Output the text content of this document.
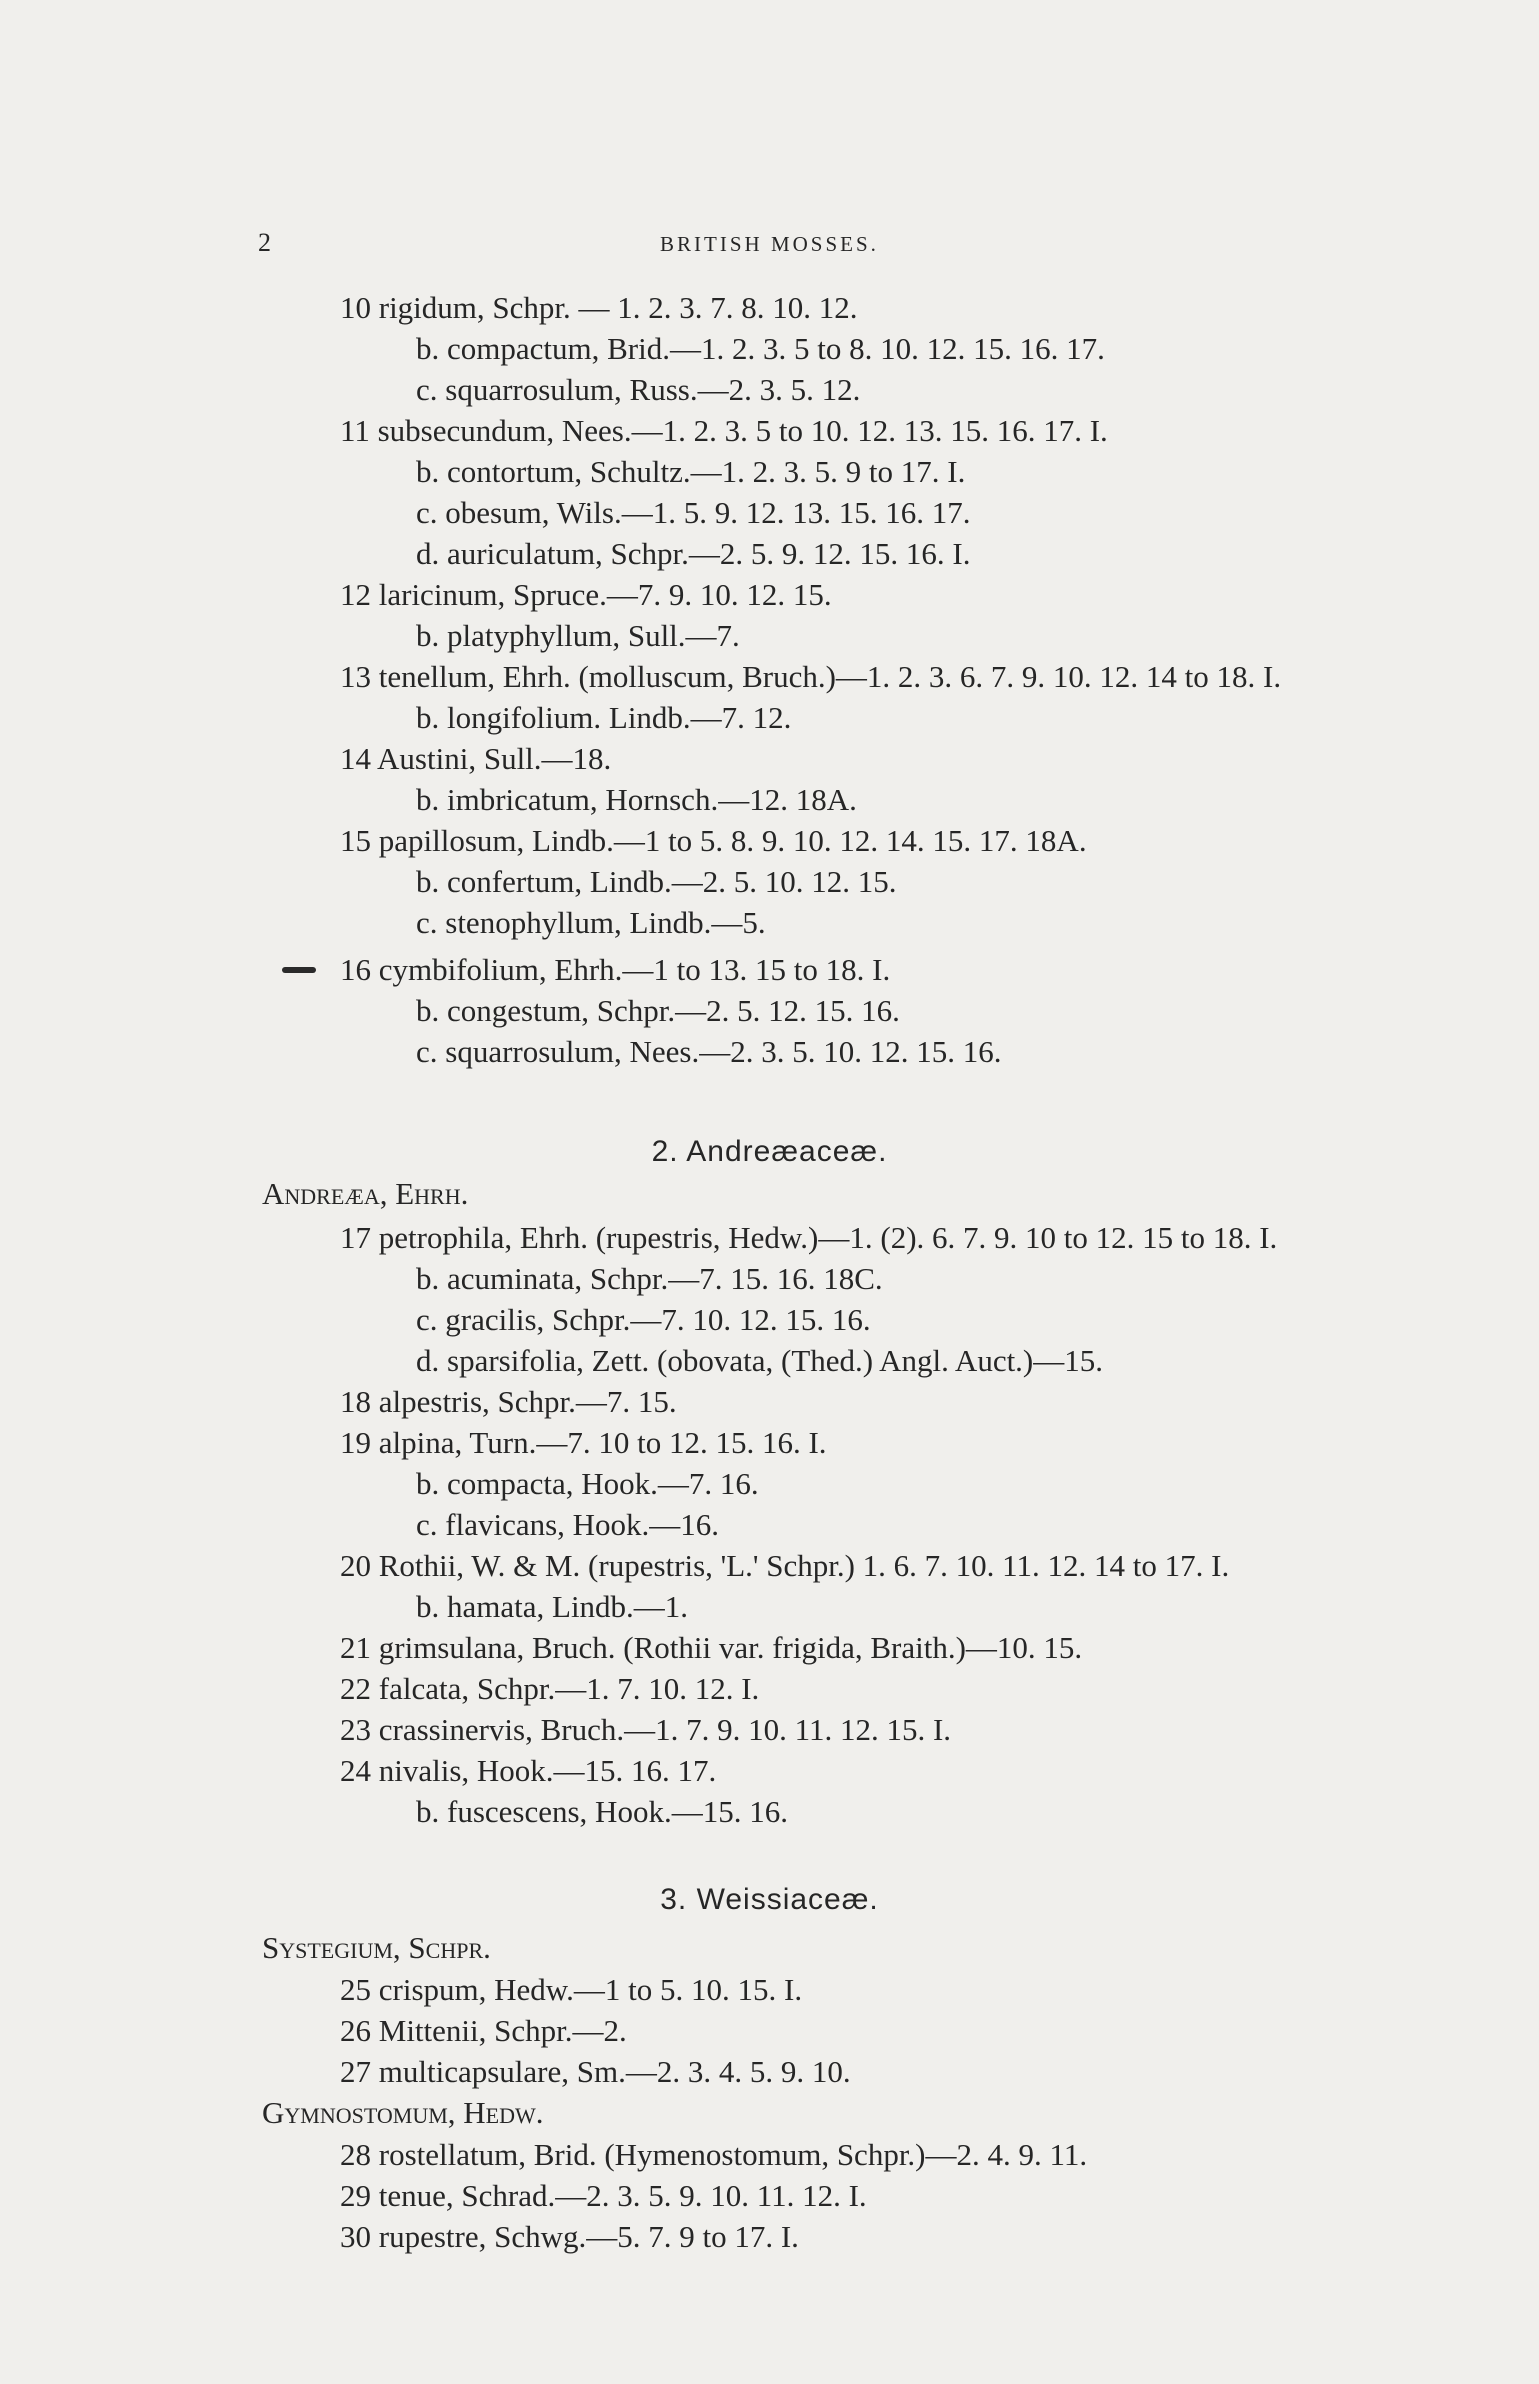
2	BRITISH MOSSES.
10 rigidum, Schpr. — 1. 2. 3. 7. 8. 10. 12.
b. compactum, Brid.—1. 2. 3. 5 to 8. 10. 12. 15. 16. 17.
c. squarrosulum, Russ.—2. 3. 5. 12.
11 subsecundum, Nees.—1. 2. 3. 5 to 10. 12. 13. 15. 16. 17. I.
b. contortum, Schultz.—1. 2. 3. 5. 9 to 17. I.
c. obesum, Wils.—1. 5. 9. 12. 13. 15. 16. 17.
d. auriculatum, Schpr.—2. 5. 9. 12. 15. 16. I.
12 laricinum, Spruce.—7. 9. 10. 12. 15.
b. platyphyllum, Sull.—7.
13 tenellum, Ehrh. (molluscum, Bruch.)—1. 2. 3. 6. 7. 9. 10. 12. 14 to 18. I.
b. longifolium. Lindb.—7. 12.
14 Austini, Sull.—18.
b. imbricatum, Hornsch.—12. 18A.
15 papillosum, Lindb.—1 to 5. 8. 9. 10. 12. 14. 15. 17. 18A.
b. confertum, Lindb.—2. 5. 10. 12. 15.
c. stenophyllum, Lindb.—5.
16 cymbifolium, Ehrh.—1 to 13. 15 to 18. I.
b. congestum, Schpr.—2. 5. 12. 15. 16.
c. squarrosulum, Nees.—2. 3. 5. 10. 12. 15. 16.
2. Andreæaceæ.
Andreæa, Ehrh.
17 petrophila, Ehrh. (rupestris, Hedw.)—1. (2). 6. 7. 9. 10 to 12. 15 to 18. I.
b. acuminata, Schpr.—7. 15. 16. 18C.
c. gracilis, Schpr.—7. 10. 12. 15. 16.
d. sparsifolia, Zett. (obovata, (Thed.) Angl. Auct.)—15.
18 alpestris, Schpr.—7. 15.
19 alpina, Turn.—7. 10 to 12. 15. 16. I.
b. compacta, Hook.—7. 16.
c. flavicans, Hook.—16.
20 Rothii, W. & M. (rupestris, 'L.' Schpr.) 1. 6. 7. 10. 11. 12. 14 to 17. I.
b. hamata, Lindb.—1.
21 grimsulana, Bruch. (Rothii var. frigida, Braith.)—10. 15.
22 falcata, Schpr.—1. 7. 10. 12. I.
23 crassinervis, Bruch.—1. 7. 9. 10. 11. 12. 15. I.
24 nivalis, Hook.—15. 16. 17.
b. fuscescens, Hook.—15. 16.
3. Weissiaceæ.
Systegium, Schpr.
25 crispum, Hedw.—1 to 5. 10. 15. I.
26 Mittenii, Schpr.—2.
27 multicapsulare, Sm.—2. 3. 4. 5. 9. 10.
Gymnostomum, Hedw.
28 rostellatum, Brid. (Hymenostomum, Schpr.)—2. 4. 9. 11.
29 tenue, Schrad.—2. 3. 5. 9. 10. 11. 12. I.
30 rupestre, Schwg.—5. 7. 9 to 17. I.
